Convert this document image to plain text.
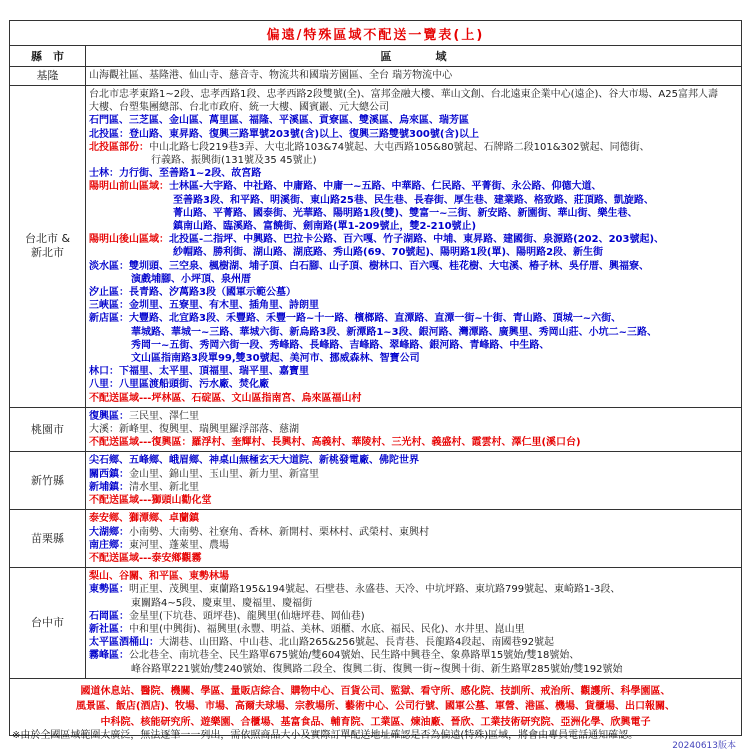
偏遠/特殊區域不配送一覽表(上)
縣　市	區　　　　域
基隆	山海觀社區、基隆港、仙山寺、慈音寺、物流共和國瑞芳園區、全台 瑞芳物流中心
台北市 &
新北市
台北市忠孝東路1~2段、忠孝西路1段、忠孝西路2段雙號(全)、富邦金融大樓、華山文創、台北遠東企業中心(遠企)、谷大市場、A25富邦人壽
大樓、台塑集團總部、台北市政府、統一大樓、國賓巖、元大總公司
石門區、三芝區、金山區、萬里區、福隆、平溪區、貢寮區、雙溪區、烏來區、瑞芳區
北投區：登山路、東昇路、復興三路單號203號(含)以上、復興三路雙號300號(含)以上
北投區部份：中山北路七段219巷3弄、大屯北路103&74號起、大屯西路105&80號起、石牌路二段101&302號起、同德街、
行義路、振興街(131號及35 45號止)
士林：力行街、至善路1~2段、故宮路
陽明山前山區域：士林區-大宇路、中社路、中庸路、中庸一~五路、中華路、仁民路、平菁街、永公路、仰德大道、
至善路3段、和平路、明溪街、東山路25巷、民生巷、長春街、厚生巷、建業路、格致路、莊頂路、凱旋路、
菁山路、平菁路、國泰街、光華路、陽明路1段(雙)、雙富一~三街、新安路、新園街、華山街、樂生巷、
鎮南山路、臨溪路、富饒街、劍南路(單1-209號止，雙2-210號止)
陽明山後山區域：北投區-二指坪、中興路、巴拉卡公路、百六嘎、竹子湖路、中埔、東昇路、建國街、泉源路(202、203號起)、
紗帽路、勝利街、湖山路、湖底路、秀山路(69、70號起)、陽明路1段(單)、陽明路2段、新生街
淡水區：雙圳頭、三空泉、楓樹湖、埔子頂、白石腳、山子頂、樹林口、百六嘎、桂花樹、大屯溪、椿子林、吳仔厝、興福寮、
演戲埔腳、小坪頂、泉州厝
汐止區：長青路、汐萬路3段（國軍示範公墓）
三峽區：金圳里、五寮里、有木里、插角里、詩朗里
新店區：大豐路、北宜路3段、禾豐路、禾豐一路~十一路、檳榔路、直潭路、直潭一街~十街、青山路、頂城一~六街、
華城路、華城一~三路、華城六街、新烏路3段、新潭路1~3段、銀河路、灣潭路、廣興里、秀岡山莊、小坑二~三路、
秀岡一~五街、秀岡六街一段、秀峰路、長峰路、吉峰路、翠峰路、銀河路、青峰路、中生路、
文山區指南路3段單99,雙30號起、美河市、挪威森林、智寶公司
林口：下福里、太平里、頂福里、瑞平里、嘉寶里
八里：八里區渡船頭街、污水廠、焚化廠
不配送區域---坪林區、石碇區、文山區指南宮、烏來區福山村
桃園市
復興區：三民里、澤仁里
大溪：新峰里、復興里、瑞興里羅浮部落、慈湖
不配送區域---復興區：羅浮村、奎輝村、長興村、高義村、華陵村、三光村、義盛村、霞雲村、澤仁里(溪口台)
新竹縣
尖石鄉、五峰鄉、峨眉鄉、神桌山無極玄天大道院、新桃發電廠、佛陀世界
關西鎮：金山里、錦山里、玉山里、新力里、新富里
新埔鎮：清水里、新北里
不配送區域---獅頭山勸化堂
苗栗縣
泰安鄉、獅潭鄉、卓蘭鎮
大湖鄉：小南勢、大南勢、社寮角、香林、新開村、栗林村、武榮村、東興村
南庄鄉：東河里、蓬萊里、農場
不配送區域---泰安鄉觀霧
台中市
梨山、谷關、和平區、東勢林場
東勢區：明正里、茂興里、東蘭路195&194號起、石壁巷、永盛巷、天冷、中坑坪路、東坑路799號起、東崎路1-3段、
東關路4~5段、慶東里、慶福里、慶福街
石岡區：金星里(下坑巷、頭坪巷)、龍興里(仙塘坪巷、岡仙巷)
新社區：中和里(中興街)、福興里(永豐、明益、美林、頭櫃、水底、福民、民化)、水井里、崑山里
太平區酒桶山：大湖巷、山田路、中山巷、北山路265&256號起、長青巷、長龍路4段起、南國巷92號起
霧峰區：公北巷全、南坑巷全、民生路單675號始/雙604號始、民生路中興巷全、象鼻路單15號始/雙18號始、
峰谷路單221號始/雙240號始、復興路二段全、復興二街、復興一街~復興十街、新生路單285號始/雙192號始
國道休息站、醫院、機關、學區、量販店綜合、購物中心、百貨公司、監獄、看守所、感化院、技訓所、戒治所、觀護所、科學園區、
風景區、飯店(酒店)、牧場、市場、高爾夫球場、宗教場所、藝術中心、公司行號、國軍公墓、軍營、港區、機場、貨櫃場、出口報關、
中科院、核能研究所、遊樂園、合櫃場、基富食品、輔育院、工業區、煉油廠、晉欣、工業技術研究院、亞洲化學、欣興電子
※由於全國區域範圍太廣泛，無法逐筆一一列出，需依照商品大小及實際訂單配送地址確認是否為偏遠(特殊)區域，將會由專員電話通知確認。
20240613版本
